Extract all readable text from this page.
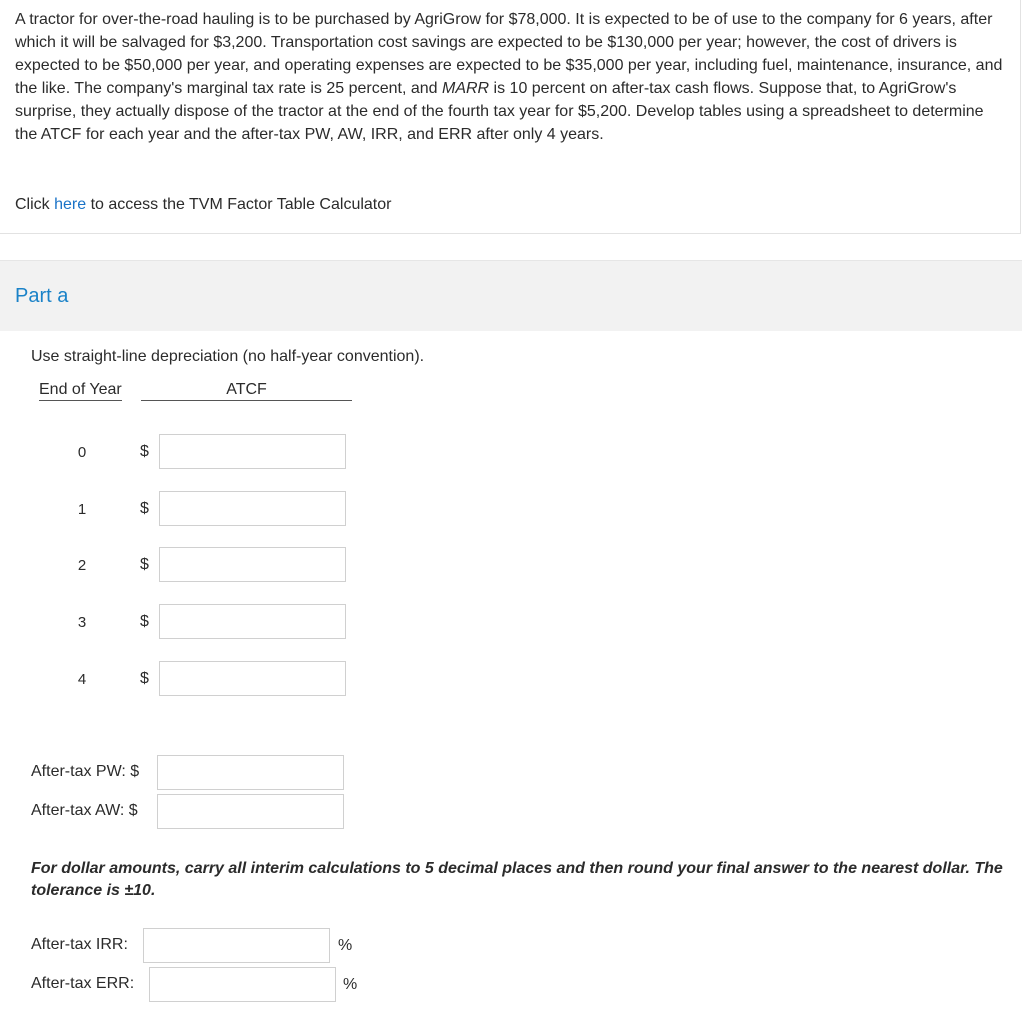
A tractor for over-the-road hauling is to be purchased by AgriGrow for $78,000. It is expected to be of use to the company for 6 years, after which it will be salvaged for $3,200. Transportation cost savings are expected to be $130,000 per year; however, the cost of drivers is expected to be $50,000 per year, and operating expenses are expected to be $35,000 per year, including fuel, maintenance, insurance, and the like. The company's marginal tax rate is 25 percent, and MARR is 10 percent on after-tax cash flows. Suppose that, to AgriGrow's surprise, they actually dispose of the tractor at the end of the fourth tax year for $5,200. Develop tables using a spreadsheet to determine the ATCF for each year and the after-tax PW, AW, IRR, and ERR after only 4 years.
Click here to access the TVM Factor Table Calculator
Part a
Use straight-line depreciation (no half-year convention).
End of Year	ATCF
0	$
1	$
2	$
3	$
4	$
After-tax PW: $
After-tax AW: $
For dollar amounts, carry all interim calculations to 5 decimal places and then round your final answer to the nearest dollar. The tolerance is ±10.
After-tax IRR:	%
After-tax ERR:	%
